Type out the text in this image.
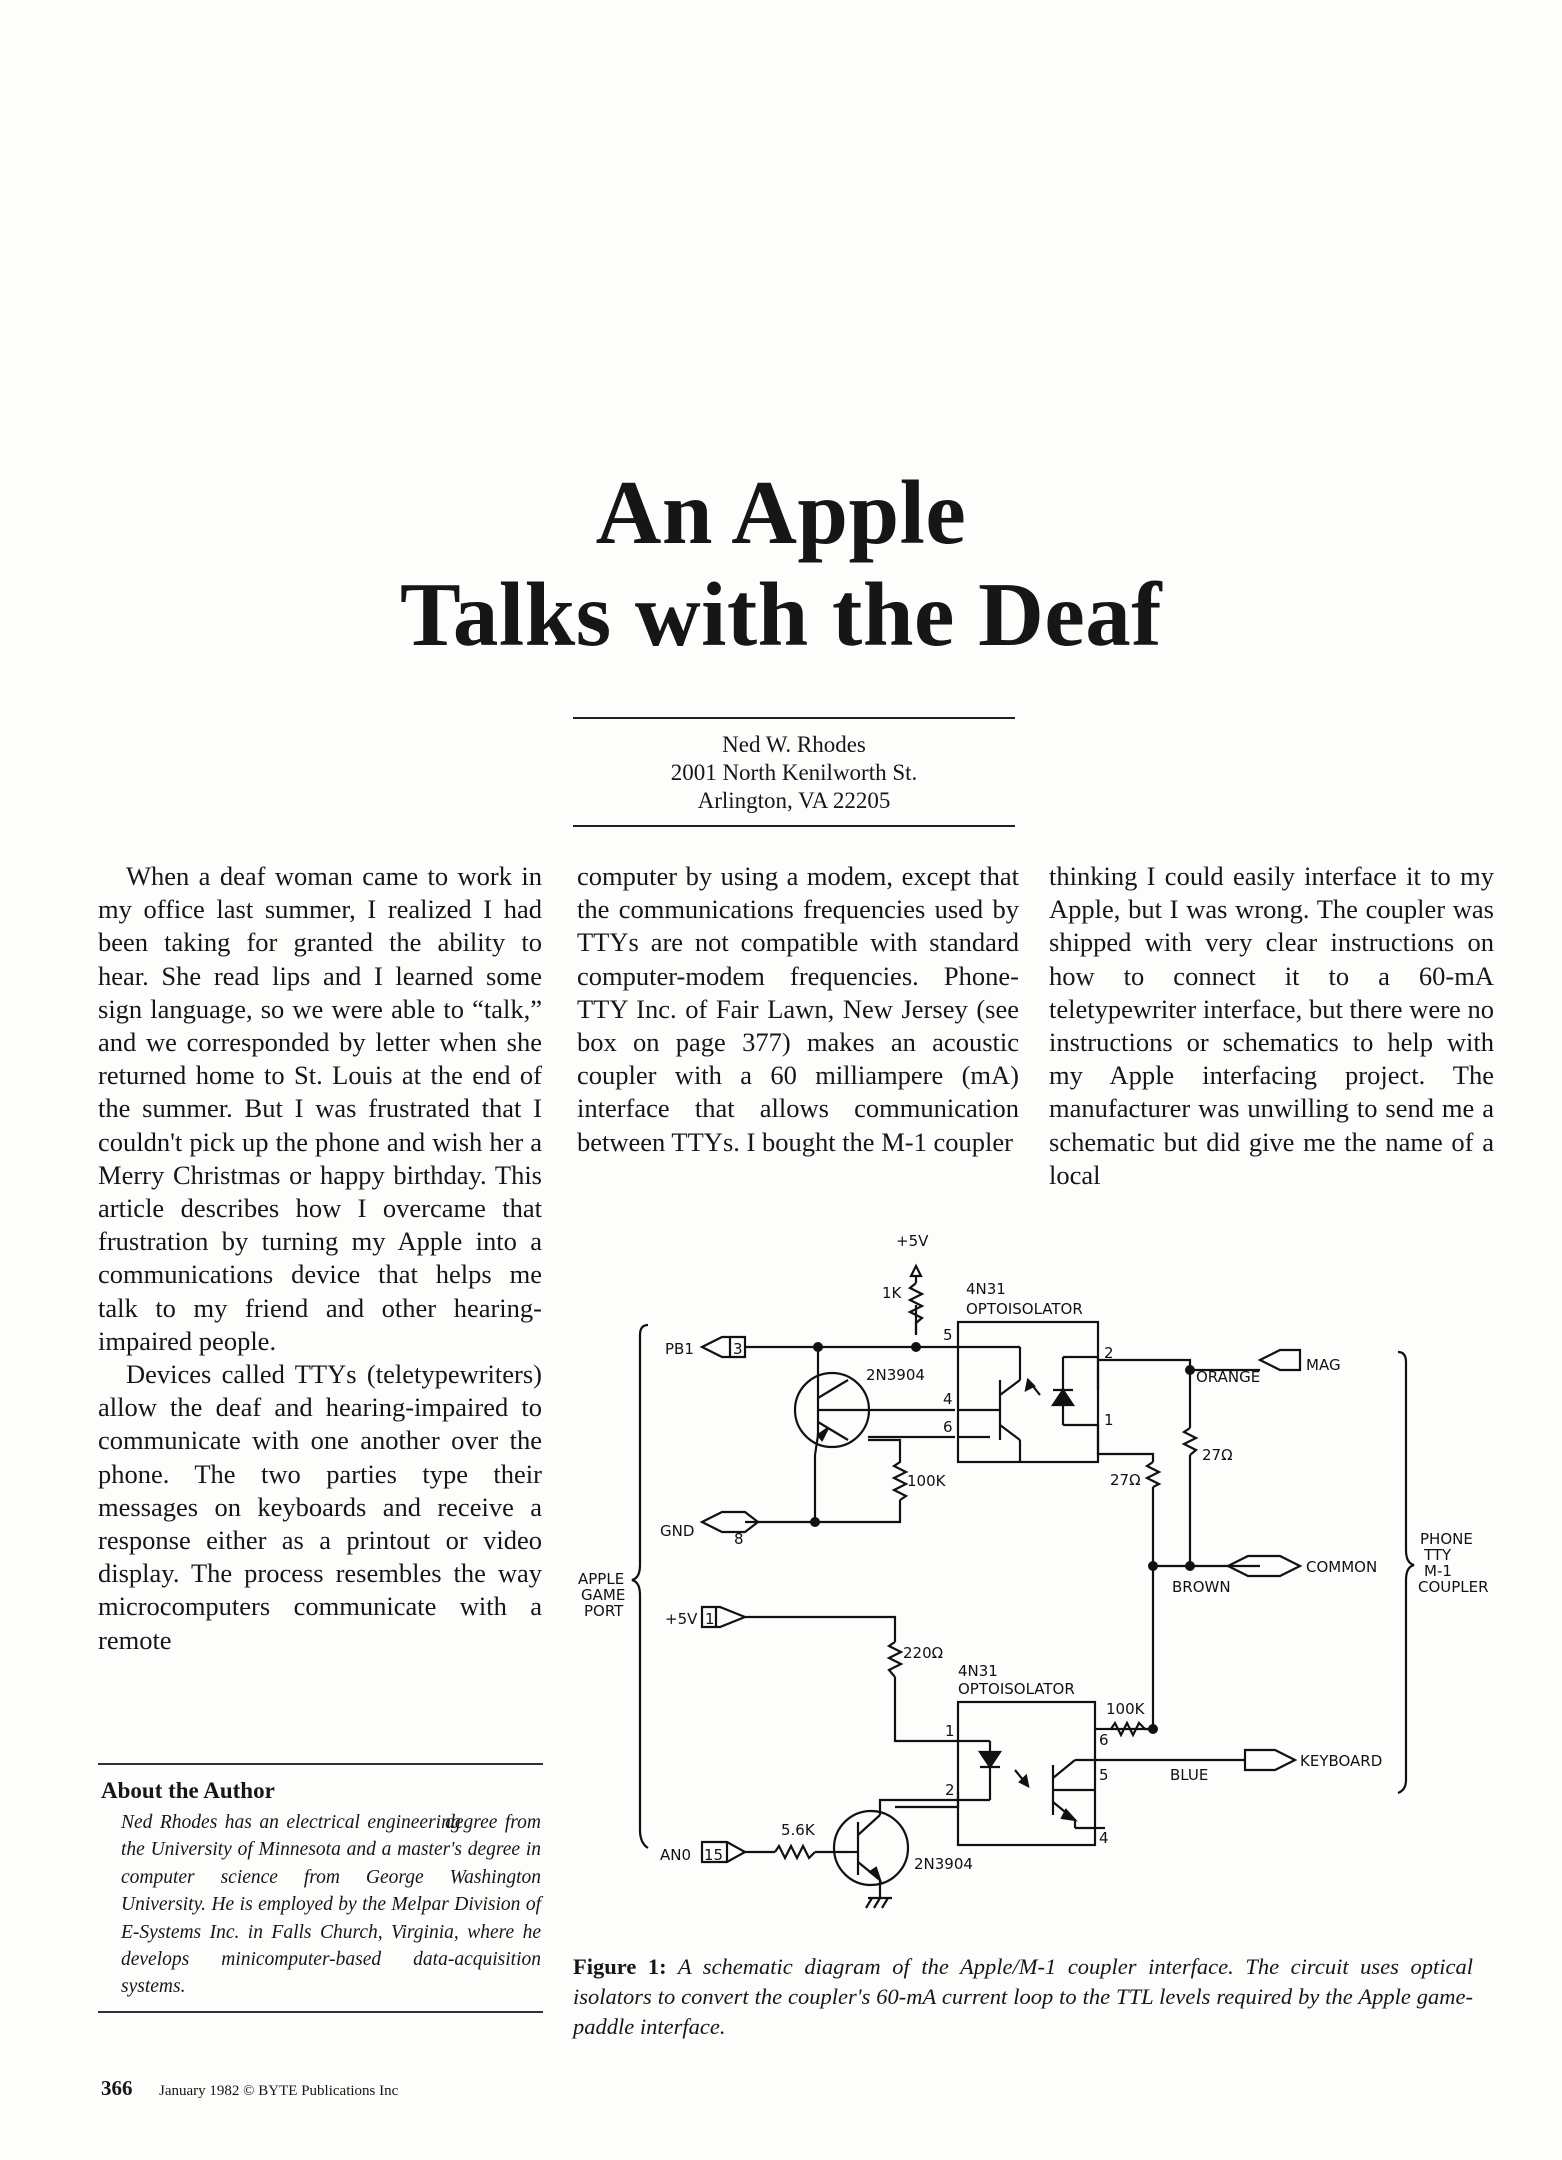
An Apple
Talks with the Deaf
Ned W. Rhodes
2001 North Kenilworth St.
Arlington, VA 22205

When a deaf woman came to work in my office last summer, I realized I had been taking for granted the ability to hear. She read lips and I learned some sign language, so we were able to “talk,” and we corresponded by letter when she returned home to St. Louis at the end of the summer. But I was frustrated that I couldn't pick up the phone and wish her a Merry Christmas or happy birthday. This article describes how I overcame that frustration by turning my Apple into a communications device that helps me talk to my friend and other hearing-impaired people.

Devices called TTYs (teletypewriters) allow the deaf and hearing-impaired to communicate with one another over the phone. The two parties type their messages on keyboards and receive a response either as a printout or video display. The process resembles the way microcomputers communicate with a remote

computer by using a modem, except that the communications frequencies used by TTYs are not compatible with standard computer-modem frequencies. Phone-TTY Inc. of Fair Lawn, New Jersey (see box on page 377) makes an acoustic coupler with a 60 milliampere (mA) interface that allows communication between TTYs. I bought the M-1 coupler

thinking I could easily interface it to my Apple, but I was wrong. The coupler was shipped with very clear instructions on how to connect it to a 60-mA teletypewriter interface, but there were no instructions or schematics to help with my Apple interfacing project. The manufacturer was unwilling to send me a schematic but did give me the name of a local

About the Author
Ned Rhodes has an electrical engineering degree from the University of Minnesota and a master's degree in computer science from George Washington University. He is employed by the Melpar Division of E-Systems Inc. in Falls Church, Virginia, where he develops minicomputer-based data-acquisition systems.
PB1	3
GND	8
+5V 1
AN0 15
+5V
1K	4N31
OPTOISOLATOR
5
4
6
2
1
2N3904
100K
27Ω
27Ω
ORANGE
MAG
BROWN
COMMON
BLUE
KEYBOARD
220Ω
4N31
OPTOISOLATOR
1
2
6
5
4
100K
5.6K
2N3904
APPLE
GAME
PORT
PHONE
TTY
M-1
COUPLER
Figure 1: A schematic diagram of the Apple/M-1 coupler interface. The circuit uses optical isolators to convert the coupler's 60-mA current loop to the TTL levels required by the Apple game-paddle interface.
366 January 1982 © BYTE Publications Inc
